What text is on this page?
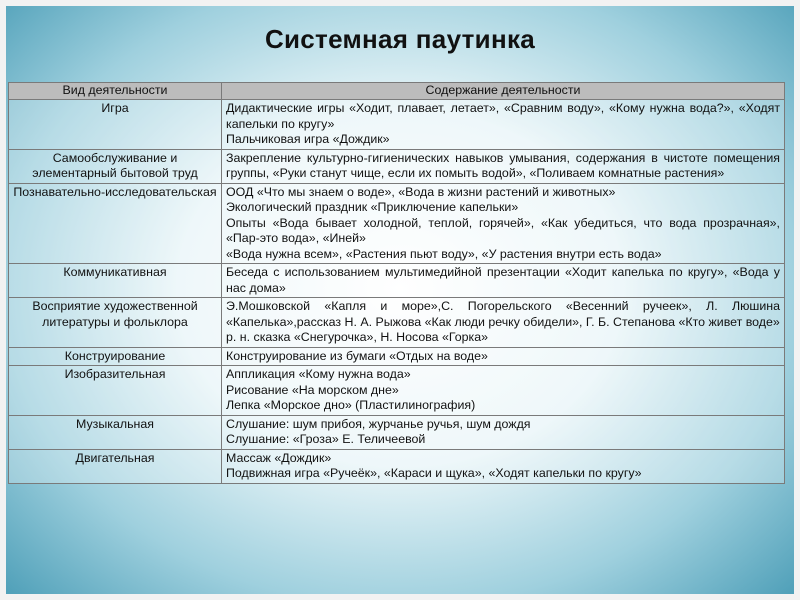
Системная паутинка
Вид деятельности	Содержание деятельности
Игра	Дидактические игры «Ходит, плавает, летает», «Сравним воду», «Кому нужна вода?», «Ходят капельки по кругу»
Пальчиковая игра «Дождик»

Самообслуживание и элементарный бытовой труд	Закрепление культурно-гигиенических навыков умывания, содержания в чистоте помещения группы, «Руки станут чище, если их помыть водой», «Поливаем комнатные растения»

Познавательно-исследовательская	ООД «Что мы знаем о воде», «Вода в жизни растений и животных»
Экологический праздник «Приключение капельки»
Опыты «Вода бывает холодной, теплой, горячей», «Как убедиться, что вода прозрачная», «Пар-это вода», «Иней»
«Вода нужна всем», «Растения пьют воду», «У растения внутри есть вода»

Коммуникативная	Беседа с использованием мультимедийной презентации «Ходит капелька по кругу», «Вода у нас дома»

Восприятие художественной литературы и фольклора	Э.Мошковской «Капля и море»,С. Погорельского «Весенний ручеек», Л. Люшина «Капелька»,рассказ Н. А. Рыжова «Как люди речку обидели», Г. Б. Степанова «Кто живет воде»
р. н. сказка «Снегурочка», Н. Носова «Горка»

Конструирование	Конструирование из бумаги «Отдых на воде»

Изобразительная	Аппликация «Кому нужна вода»
Рисование «На морском дне»
Лепка «Морское дно» (Пластилинография)

Музыкальная	Слушание: шум прибоя, журчанье ручья, шум дождя
Слушание: «Гроза» Е. Теличеевой

Двигательная	Массаж «Дождик»
Подвижная игра «Ручеёк», «Караси и щука», «Ходят капельки по кругу»
